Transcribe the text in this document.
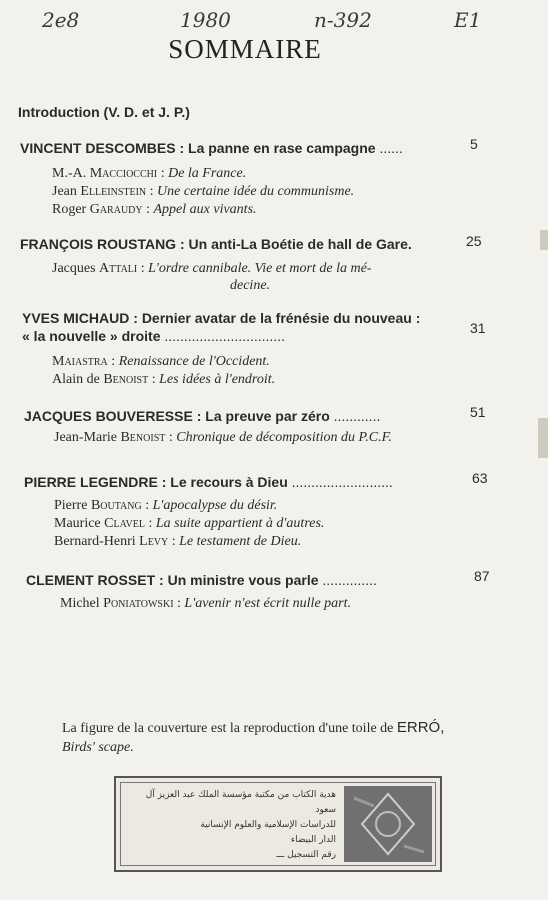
2e8	1980	n-392	E1
SOMMAIRE
Introduction (V. D. et J. P.)
VINCENT DESCOMBES : La panne en rase campagne ......	5
M.-A. Macciocchi : De la France.
Jean Elleinstein : Une certaine idée du communisme.
Roger Garaudy : Appel aux vivants.
FRANÇOIS ROUSTANG : Un anti-La Boétie de hall de Gare.	25
Jacques Attali : L'ordre cannibale. Vie et mort de la mé-
decine.
YVES MICHAUD : Dernier avatar de la frénésie du nouveau :
« la nouvelle » droite ...............................	31
Maiastra : Renaissance de l'Occident.
Alain de Benoist : Les idées à l'endroit.
JACQUES BOUVERESSE : La preuve par zéro ............	51
Jean-Marie Benoist : Chronique de décomposition du P.C.F.
PIERRE LEGENDRE : Le recours à Dieu ..........................	63
Pierre Boutang : L'apocalypse du désir.
Maurice Clavel : La suite appartient à d'autres.
Bernard-Henri Levy : Le testament de Dieu.
CLEMENT ROSSET : Un ministre vous parle ..............	87
Michel Poniatowski : L'avenir n'est écrit nulle part.
La figure de la couverture est la reproduction d'une toile de ERRÓ,
Birds' scape.
هدية الكتاب من مكتبة مؤسسة الملك عبد العزيز آل سعود
للدراسات الإسلامية والعلوم الإنسانية
الدار البيضاء
رقم التسجيل ـــ
